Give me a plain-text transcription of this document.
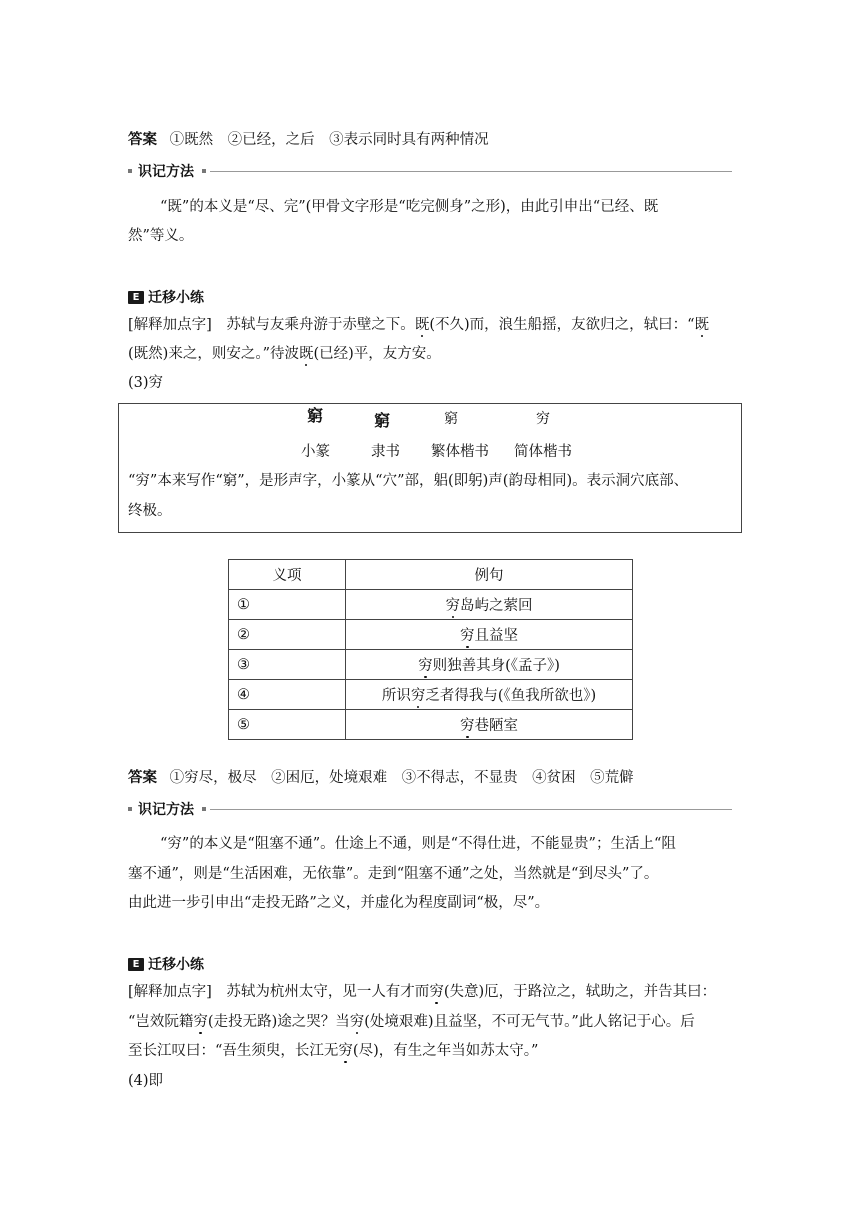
答案 ①既然　②已经，之后　③表示同时具有两种情况
识记方法
“既”的本义是“尽、完”(甲骨文字形是“吃完侧身”之形)，由此引申出“已经、既
然”等义。
E 迁移小练
[解释加点字]　苏轼与友乘舟游于赤壁之下。既(不久)而，浪生船摇，友欲归之，轼曰：“既
(既然)来之，则安之。”待波既(已经)平，友方安。
(3)穷
窮	窮	窮	穷
小篆	隶书 繁体楷书 简体楷书
“穷”本来写作“窮”，是形声字，小篆从“穴”部，躳(即躬)声(韵母相同)。表示洞穴底部、
终极。
义项	例句
①	穷岛屿之萦回
②	穷且益坚
③	穷则独善其身(《孟子》)
④	所识穷乏者得我与(《鱼我所欲也》)
⑤	穷巷陋室
答案 ①穷尽，极尽　②困厄，处境艰难　③不得志，不显贵　④贫困　⑤荒僻
识记方法
“穷”的本义是“阻塞不通”。仕途上不通，则是“不得仕进，不能显贵”；生活上“阻
塞不通”，则是“生活困难，无依靠”。走到“阻塞不通”之处，当然就是“到尽头”了。
由此进一步引申出“走投无路”之义，并虚化为程度副词“极，尽”。
E 迁移小练
[解释加点字]　苏轼为杭州太守，见一人有才而穷(失意)厄，于路泣之，轼助之，并告其曰：
“岂效阮籍穷(走投无路)途之哭？当穷(处境艰难)且益坚，不可无气节。”此人铭记于心。后
至长江叹曰：“吾生须臾，长江无穷(尽)，有生之年当如苏太守。”
(4)即
